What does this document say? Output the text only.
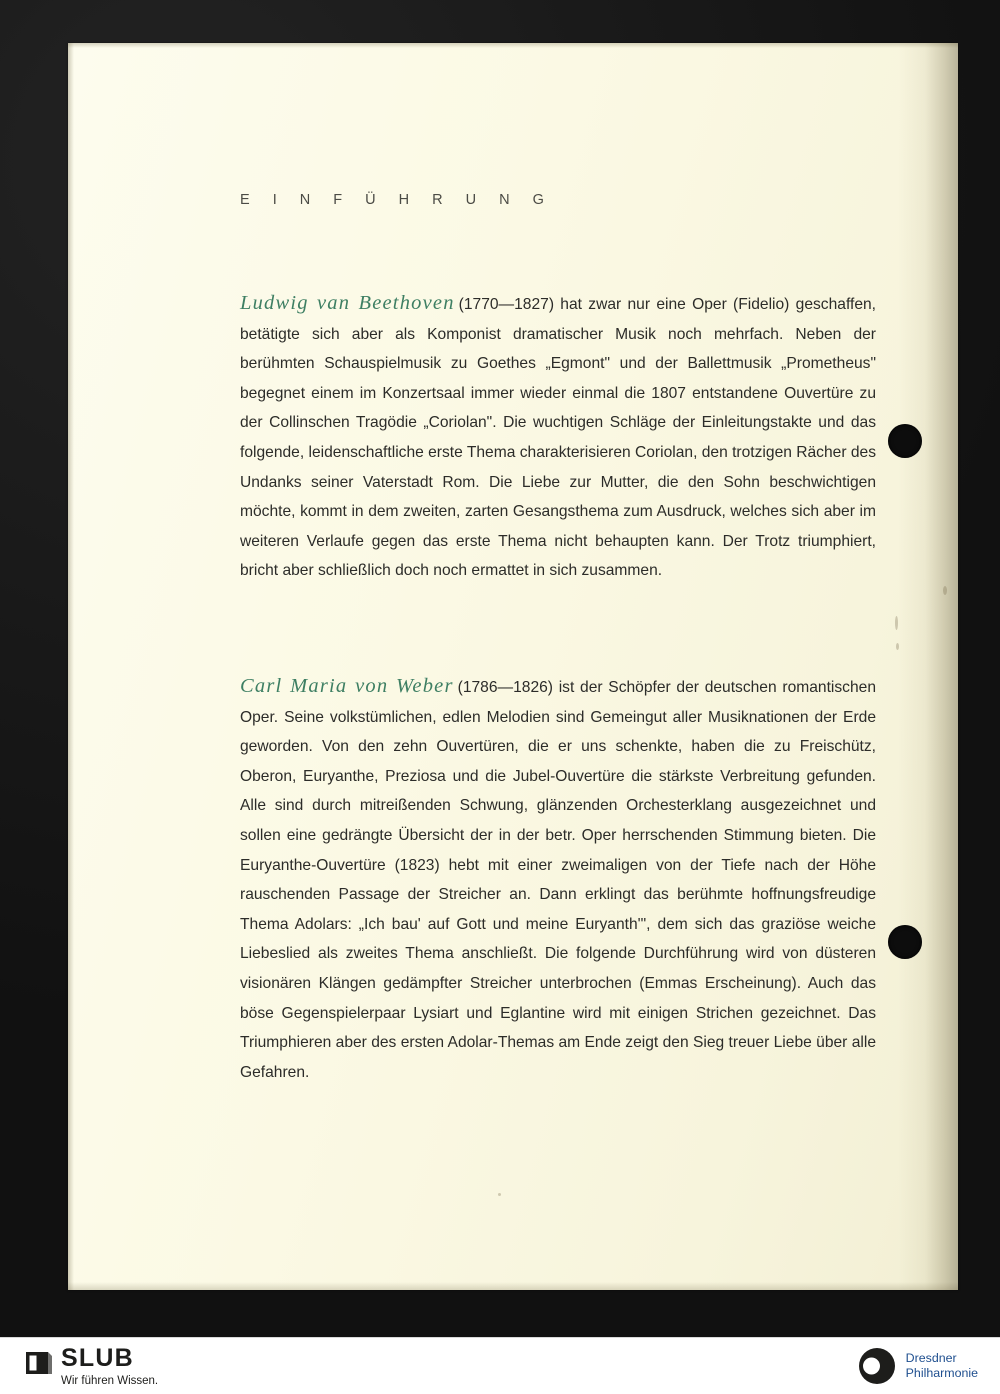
E I N F Ü H R U N G
Ludwig van Beethoven (1770—1827) hat zwar nur eine Oper (Fidelio) geschaffen, betätigte sich aber als Komponist dramatischer Musik noch mehrfach. Neben der berühmten Schauspielmusik zu Goethes „Egmont" und der Ballettmusik „Prometheus" begegnet einem im Konzertsaal immer wieder einmal die 1807 entstandene Ouvertüre zu der Collinschen Tragödie „Coriolan". Die wuchtigen Schläge der Einleitungstakte und das folgende, leidenschaftliche erste Thema charakterisieren Coriolan, den trotzigen Rächer des Undanks seiner Vaterstadt Rom. Die Liebe zur Mutter, die den Sohn beschwichtigen möchte, kommt in dem zweiten, zarten Gesangsthema zum Ausdruck, welches sich aber im weiteren Verlaufe gegen das erste Thema nicht behaupten kann. Der Trotz triumphiert, bricht aber schließlich doch noch ermattet in sich zusammen.
Carl Maria von Weber (1786—1826) ist der Schöpfer der deutschen romantischen Oper. Seine volkstümlichen, edlen Melodien sind Gemeingut aller Musiknationen der Erde geworden. Von den zehn Ouvertüren, die er uns schenkte, haben die zu Freischütz, Oberon, Euryanthe, Preziosa und die Jubel-Ouvertüre die stärkste Verbreitung gefunden. Alle sind durch mitreißenden Schwung, glänzenden Orchesterklang ausgezeichnet und sollen eine gedrängte Übersicht der in der betr. Oper herrschenden Stimmung bieten. Die Euryanthe-Ouvertüre (1823) hebt mit einer zweimaligen von der Tiefe nach der Höhe rauschenden Passage der Streicher an. Dann erklingt das berühmte hoffnungsfreudige Thema Adolars: „Ich bau' auf Gott und meine Euryanth'", dem sich das graziöse weiche Liebeslied als zweites Thema anschließt. Die folgende Durchführung wird von düsteren visionären Klängen gedämpfter Streicher unterbrochen (Emmas Erscheinung). Auch das böse Gegenspielerpaar Lysiart und Eglantine wird mit einigen Strichen gezeichnet. Das Triumphieren aber des ersten Adolar-Themas am Ende zeigt den Sieg treuer Liebe über alle Gefahren.
SLUB
Wir führen Wissen.
Dresdner
Philharmonie
